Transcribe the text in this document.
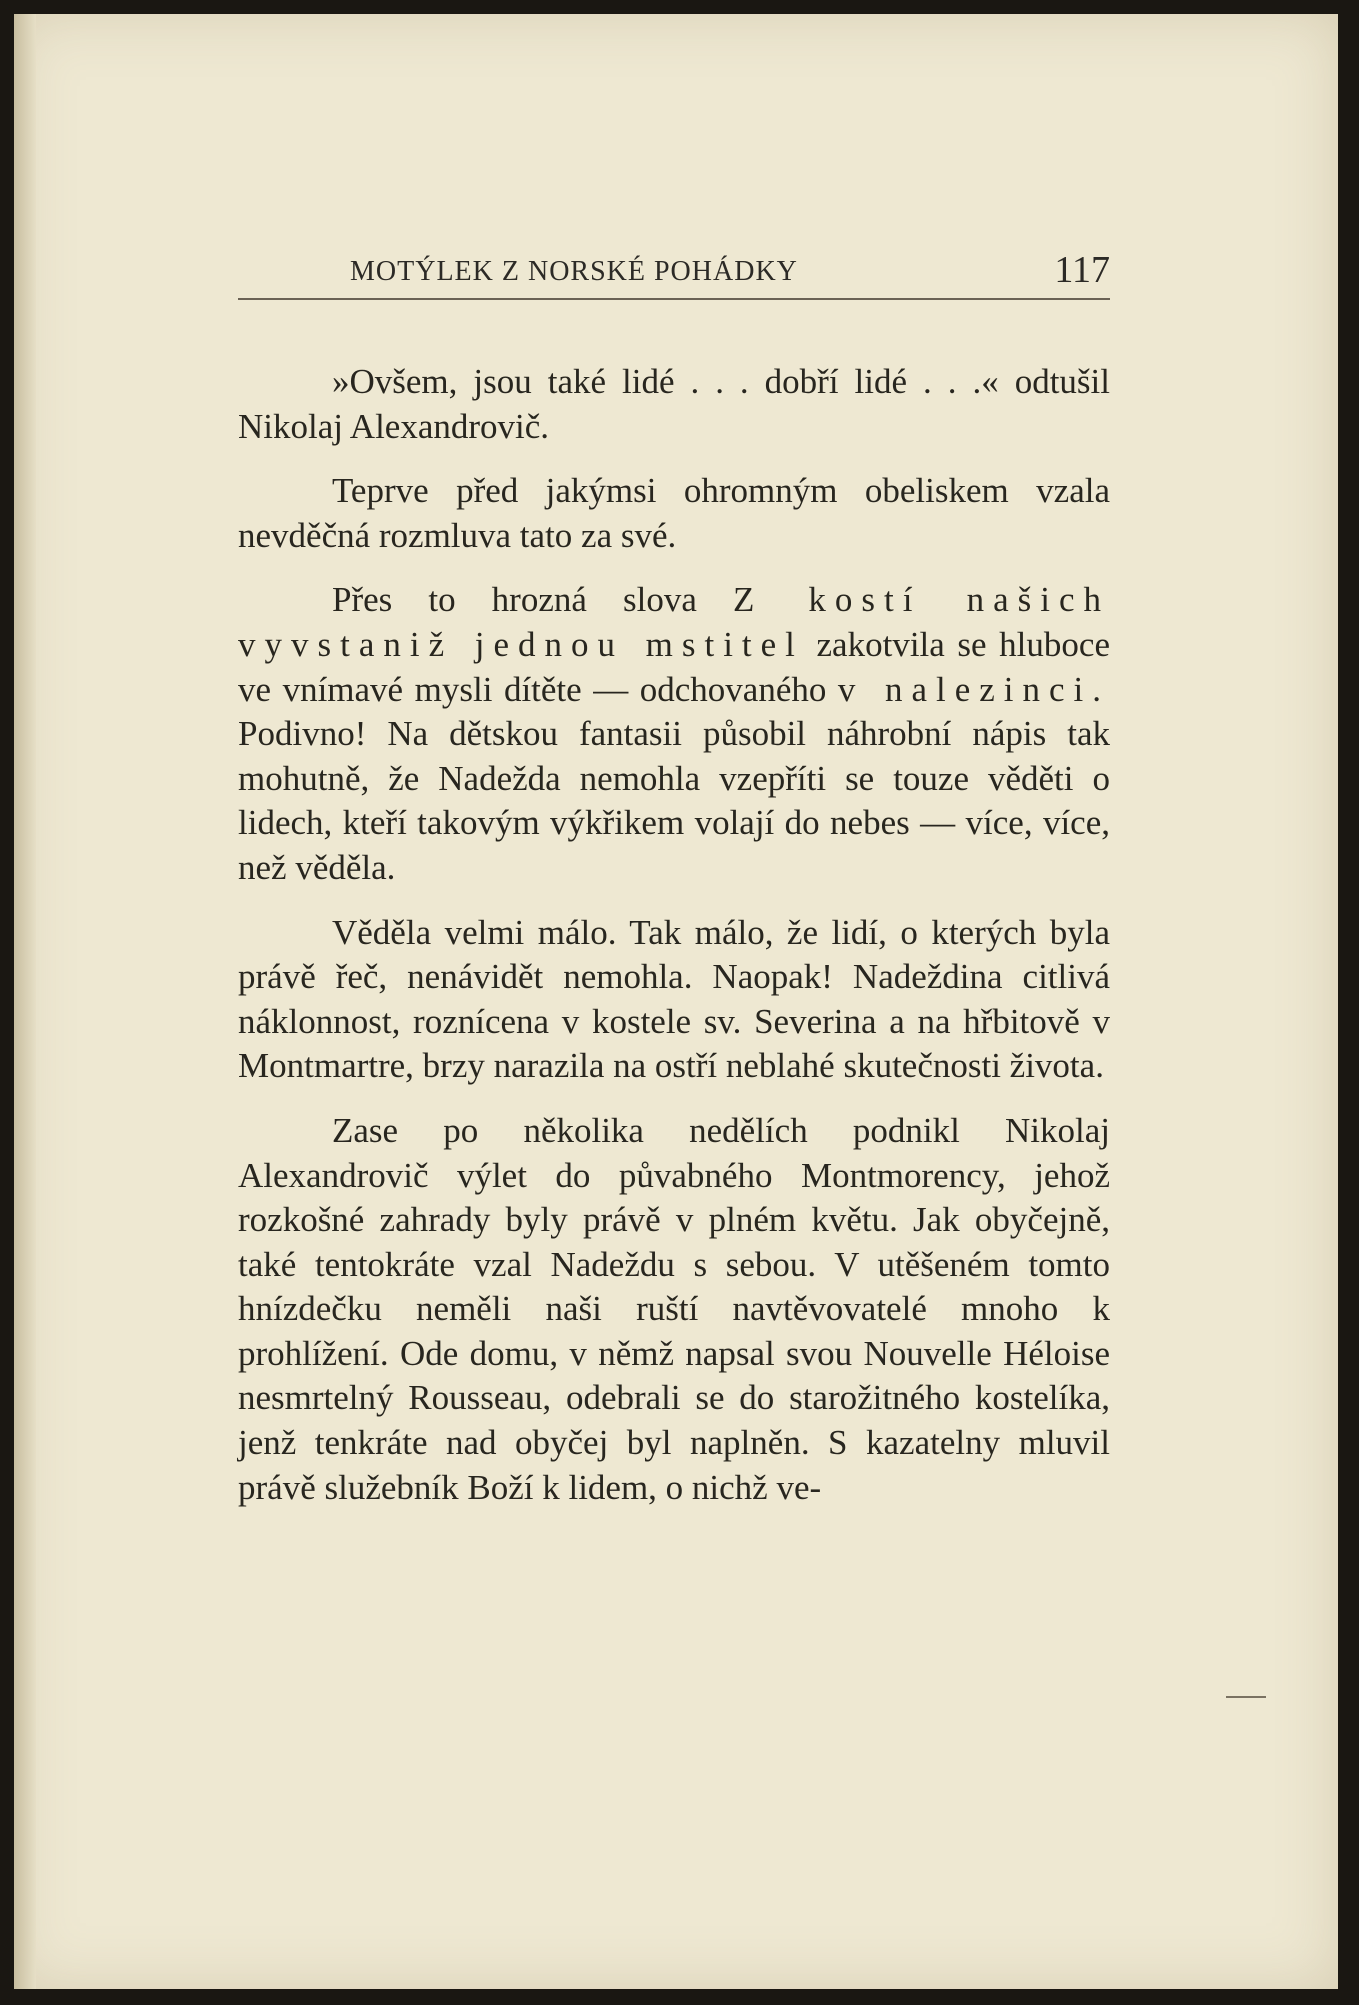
MOTÝLEK Z NORSKÉ POHÁDKY	117

»Ovšem, jsou také lidé . . . dobří lidé . . .« odtušil Nikolaj Alexandrovič.

Teprve před jakýmsi ohromným obeliskem vzala nevděčná rozmluva tato za své.

Přes to hrozná slova Z kostí našich vyvstaniž jednou mstitel zakotvila se hluboce ve vnímavé mysli dítěte — odchovaného v nalezinci. Podivno! Na dětskou fantasii působil náhrobní nápis tak mohutně, že Nadežda nemohla vzepříti se touze věděti o lidech, kteří takovým výkřikem volají do nebes — více, více, než věděla.

Věděla velmi málo. Tak málo, že lidí, o kterých byla právě řeč, nenávidět nemohla. Naopak! Nadeždina citlivá náklonnost, roznícena v kostele sv. Severina a na hřbitově v Montmartre, brzy narazila na ostří neblahé skutečnosti života.

Zase po několika nedělích podnikl Nikolaj Alexandrovič výlet do půvabného Montmorency, jehož rozkošné zahrady byly právě v plném květu. Jak obyčejně, také tentokráte vzal Nadeždu s sebou. V utěšeném tomto hnízdečku neměli naši ruští navtěvovatelé mnoho k prohlížení. Ode domu, v němž napsal svou Nouvelle Héloise nesmrtelný Rousseau, odebrali se do starožitného kostelíka, jenž tenkráte nad obyčej byl naplněn. S kazatelny mluvil právě služebník Boží k lidem, o nichž ve-
